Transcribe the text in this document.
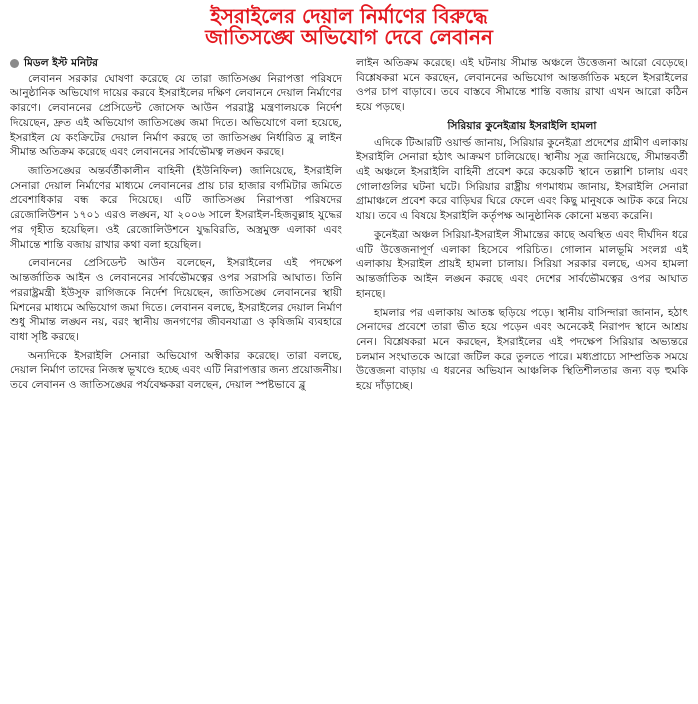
ইসরাইলের দেয়াল নির্মাণের বিরুদ্ধে
জাতিসঙ্ঘে অভিযোগ দেবে লেবানন
মিডল ইস্ট মনিটর

লেবানন সরকার ঘোষণা করেছে যে তারা জাতিসঙ্ঘ নিরাপত্তা পরিষদে আনুষ্ঠানিক অভিযোগ দায়ের করবে ইসরাইলের দক্ষিণ লেবাননে দেয়াল নির্মাণের কারণে। লেবাননের প্রেসিডেন্ট জোসেফ আউন পররাষ্ট্র মন্ত্রণালয়কে নির্দেশ দিয়েছেন, দ্রুত এই অভিযোগ জাতিসঙ্ঘে জমা দিতে। অভিযোগে বলা হয়েছে, ইসরাইল যে কংক্রিটের দেয়াল নির্মাণ করছে তা জাতিসঙ্ঘ নির্ধারিত ব্লু লাইন সীমান্ত অতিক্রম করেছে এবং লেবাননের সার্বভৌমত্ব লঙ্ঘন করছে।

জাতিসঙ্ঘের অন্তর্বর্তীকালীন বাহিনী (ইউনিফিল) জানিয়েছে, ইসরাইলি সেনারা দেয়াল নির্মাণের মাধ্যমে লেবাননের প্রায় চার হাজার বর্গমিটার জমিতে প্রবেশাধিকার বন্ধ করে দিয়েছে। এটি জাতিসঙ্ঘ নিরাপত্তা পরিষদের রেজোলিউশন ১৭০১ এরও লঙ্ঘন, যা ২০০৬ সালে ইসরাইল-হিজবুল্লাহ যুদ্ধের পর গৃহীত হয়েছিল। ওই রেজোলিউশনে যুদ্ধবিরতি, অস্ত্রমুক্ত এলাকা এবং সীমান্তে শান্তি বজায় রাখার কথা বলা হয়েছিল।

লেবাননের প্রেসিডেন্ট আউন বলেছেন, ইসরাইলের এই পদক্ষেপ আন্তর্জাতিক আইন ও লেবাননের সার্বভৌমত্বের ওপর সরাসরি আঘাত। তিনি পররাষ্ট্রমন্ত্রী ইউসুফ রাগিজকে নির্দেশ দিয়েছেন, জাতিসঙ্ঘে লেবাননের স্থায়ী মিশনের মাধ্যমে অভিযোগ জমা দিতে। লেবানন বলছে, ইসরাইলের দেয়াল নির্মাণ শুধু সীমান্ত লঙ্ঘন নয়, বরং স্থানীয় জনগণের জীবনযাত্রা ও কৃষিজমি ব্যবহারে বাধা সৃষ্টি করছে।

অন্যদিকে ইসরাইলি সেনারা অভিযোগ অস্বীকার করেছে। তারা বলছে, দেয়াল নির্মাণ তাদের নিজস্ব ভূখণ্ডে হচ্ছে এবং এটি নিরাপত্তার জন্য প্রয়োজনীয়। তবে লেবানন ও জাতিসঙ্ঘের পর্যবেক্ষকরা বলছেন, দেয়াল স্পষ্টভাবে ব্লু

লাইন অতিক্রম করেছে। এই ঘটনায় সীমান্ত অঞ্চলে উত্তেজনা আরো বেড়েছে। বিশ্লেষকরা মনে করছেন, লেবাননের অভিযোগ আন্তর্জাতিক মহলে ইসরাইলের ওপর চাপ বাড়াবে। তবে বাস্তবে সীমান্তে শান্তি বজায় রাখা এখন আরো কঠিন হয়ে পড়ছে।

সিরিয়ার কুনেইত্রায় ইসরাইলি হামলা

এদিকে টিআরটি ওয়ার্ল্ড জানায়, সিরিয়ার কুনেইত্রা প্রদেশের গ্রামীণ এলাকায় ইসরাইলি সেনারা হঠাৎ আক্রমণ চালিয়েছে। স্থানীয় সূত্র জানিয়েছে, সীমান্তবর্তী এই অঞ্চলে ইসরাইলি বাহিনী প্রবেশ করে কয়েকটি স্থানে তল্লাশি চালায় এবং গোলাগুলির ঘটনা ঘটে। সিরিয়ার রাষ্ট্রীয় গণমাধ্যম জানায়, ইসরাইলি সেনারা গ্রামাঞ্চলে প্রবেশ করে বাড়িঘর ঘিরে ফেলে এবং কিছু মানুষকে আটক করে নিয়ে যায়। তবে এ বিষয়ে ইসরাইলি কর্তৃপক্ষ আনুষ্ঠানিক কোনো মন্তব্য করেনি।

কুনেইত্রা অঞ্চল সিরিয়া-ইসরাইল সীমান্তের কাছে অবস্থিত এবং দীর্ঘদিন ধরে এটি উত্তেজনাপূর্ণ এলাকা হিসেবে পরিচিত। গোলান মালভূমি সংলগ্ন এই এলাকায় ইসরাইল প্রায়ই হামলা চালায়। সিরিয়া সরকার বলছে, এসব হামলা আন্তর্জাতিক আইন লঙ্ঘন করছে এবং দেশের সার্বভৌমত্বের ওপর আঘাত হানছে।

হামলার পর এলাকায় আতঙ্ক ছড়িয়ে পড়ে। স্থানীয় বাসিন্দারা জানান, হঠাৎ সেনাদের প্রবেশে তারা ভীত হয়ে পড়েন এবং অনেকেই নিরাপদ স্থানে আশ্রয় নেন। বিশ্লেষকরা মনে করছেন, ইসরাইলের এই পদক্ষেপ সিরিয়ার অভ্যন্তরে চলমান সংঘাতকে আরো জটিল করে তুলতে পারে। মধ্যপ্রাচ্যে সাম্প্রতিক সময়ে উত্তেজনা বাড়ায় এ ধরনের অভিযান আঞ্চলিক স্থিতিশীলতার জন্য বড় হুমকি হয়ে দাঁড়াচ্ছে।
